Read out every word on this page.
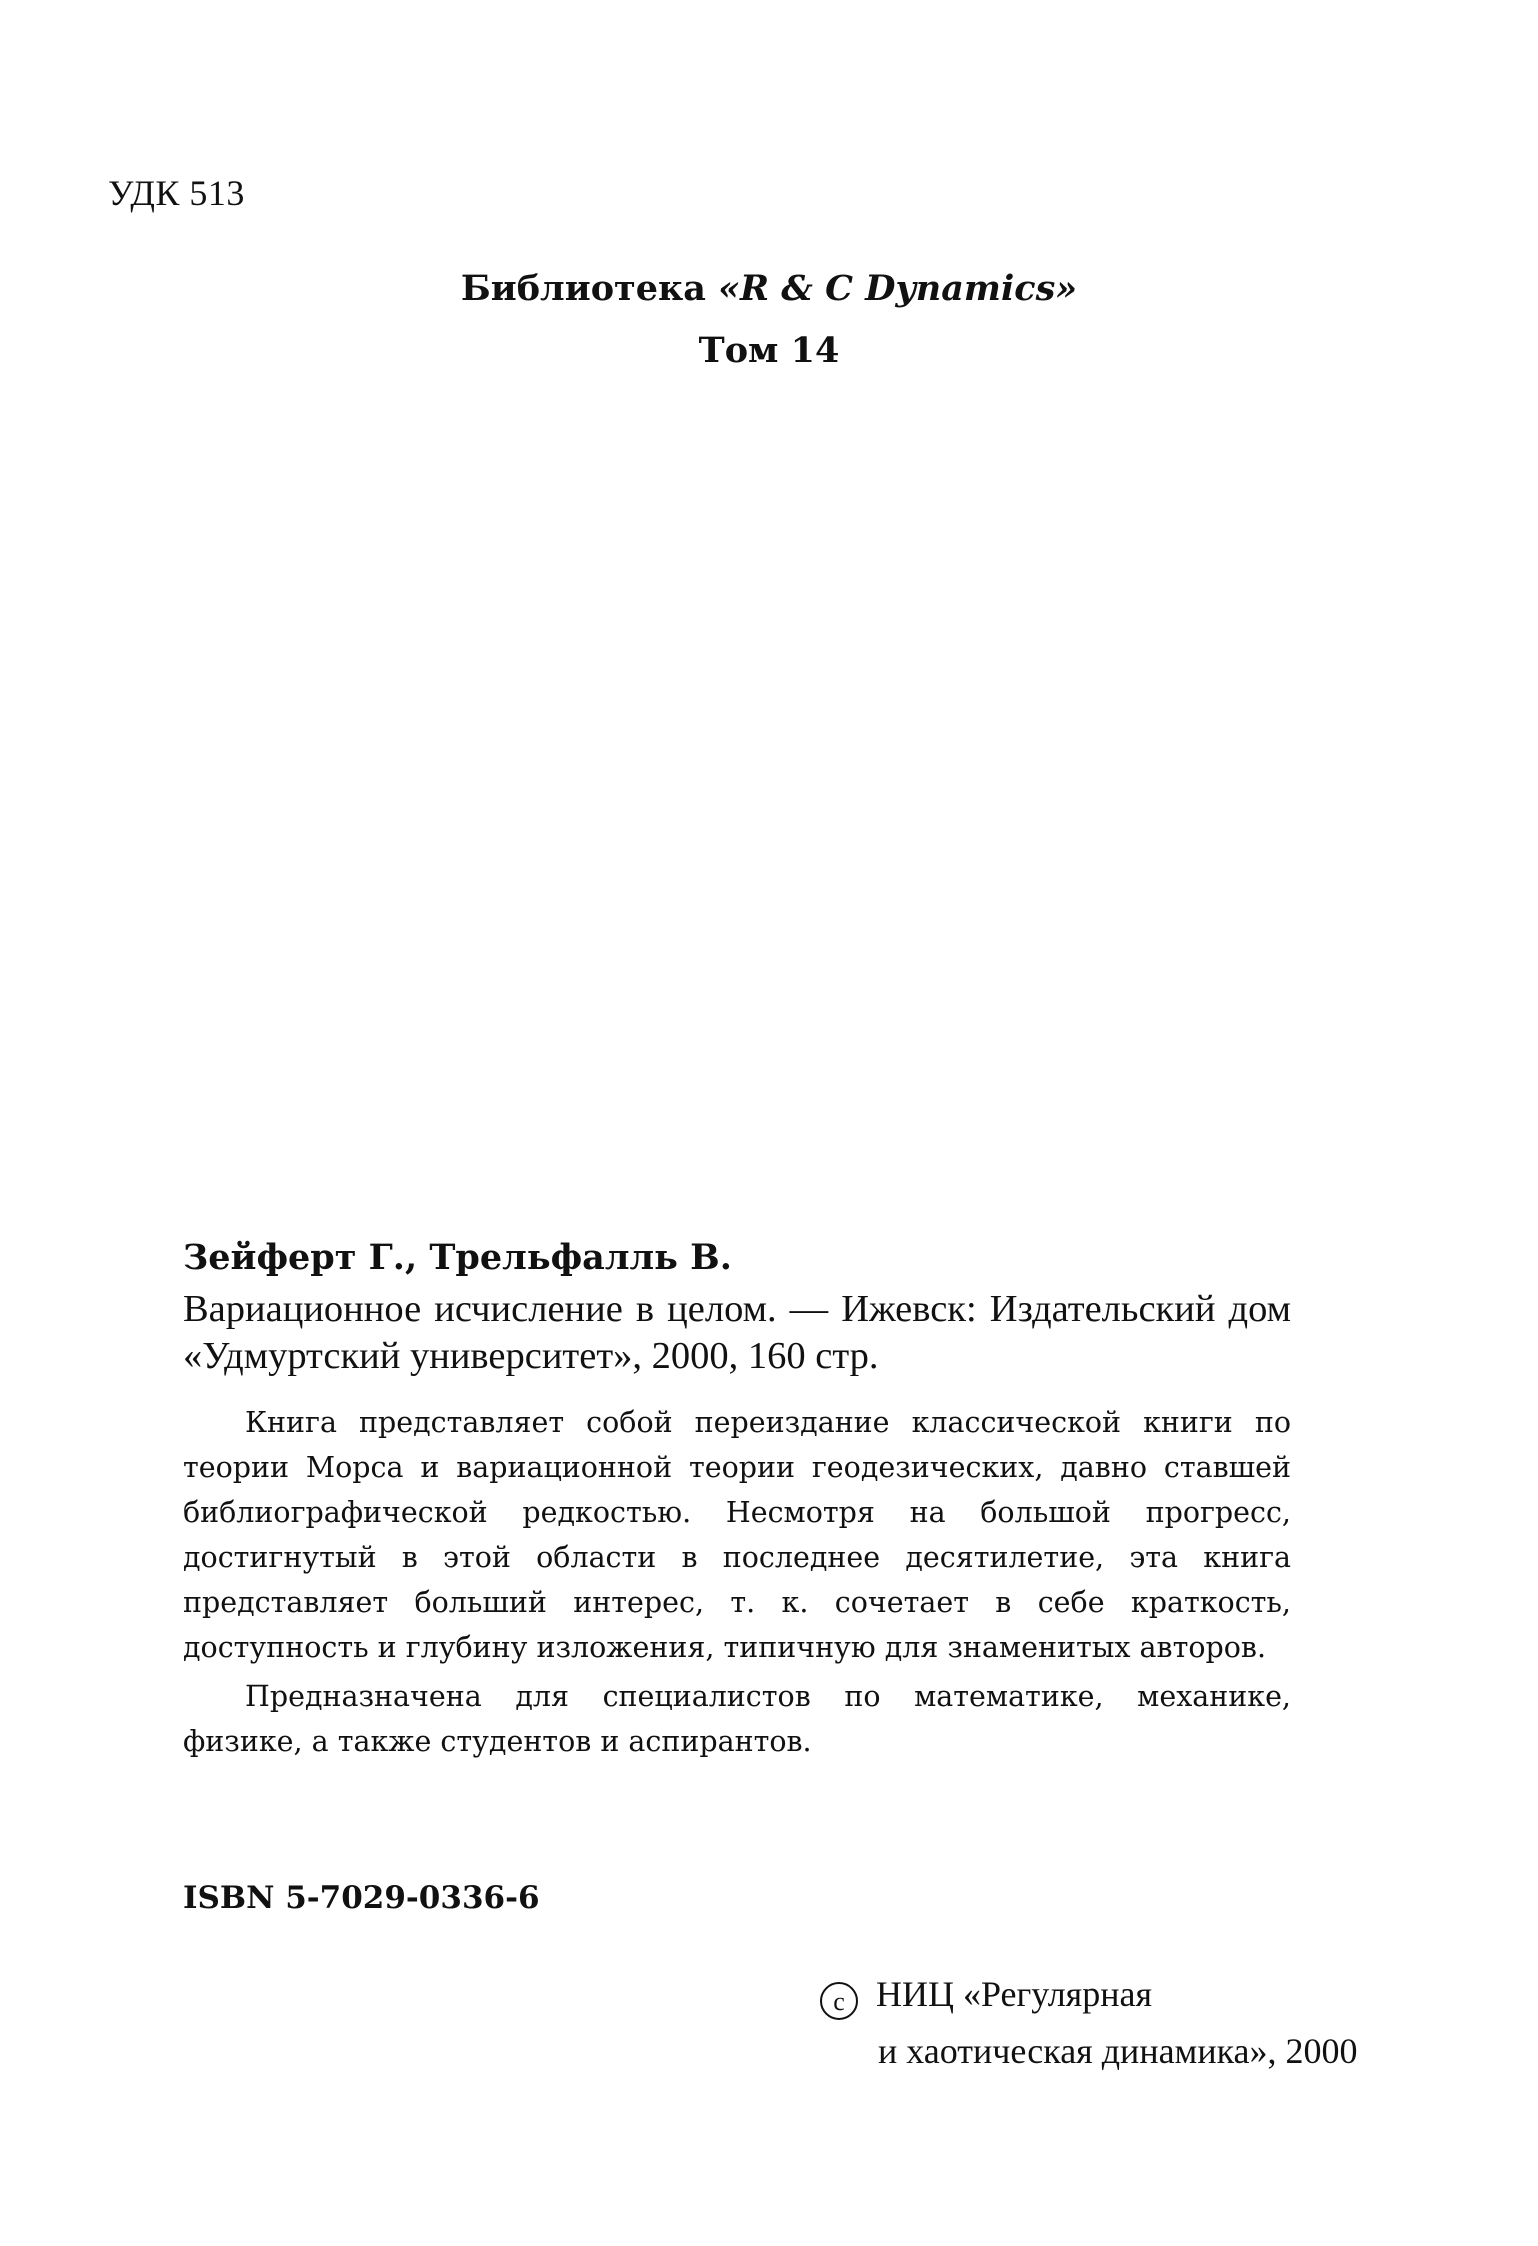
УДК 513
Библиотека «R & C Dynamics»
Том 14
Зейферт Г., Трельфалль В.
Вариационное исчисление в целом. — Ижевск: Издательский дом «Удмуртский университет», 2000, 160 стр.
Книга представляет собой переиздание классической книги по теории Морса и вариационной теории геодезических, давно ставшей библиографической редкостью. Несмотря на большой прогресс, достигнутый в этой области в последнее десятилетие, эта книга представляет больший интерес, т. к. сочетает в себе краткость, доступность и глубину изложения, типичную для знаменитых авторов.
Предназначена для специалистов по математике, механике, физике, а также студентов и аспирантов.
ISBN 5-7029-0336-6
c НИЦ «Регулярная
и хаотическая динамика», 2000
